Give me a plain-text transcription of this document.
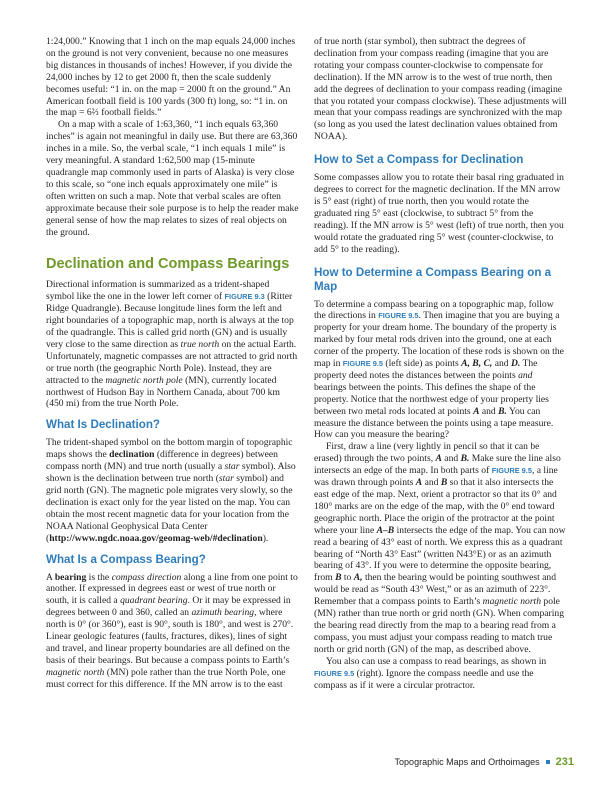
1:24,000.” Knowing that 1 inch on the map equals 24,000 inches on the ground is not very convenient, because no one measures big distances in thousands of inches! However, if you divide the 24,000 inches by 12 to get 2000 ft, then the scale suddenly becomes useful: “1 in. on the map = 2000 ft on the ground.” An American football field is 100 yards (300 ft) long, so: “1 in. on the map = 6⅔ football fields.”

On a map with a scale of 1:63,360, “1 inch equals 63,360 inches” is again not meaningful in daily use. But there are 63,360 inches in a mile. So, the verbal scale, “1 inch equals 1 mile” is very meaningful. A standard 1:62,500 map (15-minute quadrangle map commonly used in parts of Alaska) is very close to this scale, so “one inch equals approximately one mile” is often written on such a map. Note that verbal scales are often approximate because their sole purpose is to help the reader make general sense of how the map relates to sizes of real objects on the ground.

Declination and Compass Bearings

Directional information is summarized as a trident-shaped symbol like the one in the lower left corner of FIGURE 9.3 (Ritter Ridge Quadrangle). Because longitude lines form the left and right boundaries of a topographic map, north is always at the top of the quadrangle. This is called grid north (GN) and is usually very close to the same direction as true north on the actual Earth. Unfortunately, magnetic compasses are not attracted to grid north or true north (the geographic North Pole). Instead, they are attracted to the magnetic north pole (MN), currently located northwest of Hudson Bay in Northern Canada, about 700 km (450 mi) from the true North Pole.

What Is Declination?

The trident-shaped symbol on the bottom margin of topographic maps shows the declination (difference in degrees) between compass north (MN) and true north (usually a star symbol). Also shown is the declination between true north (star symbol) and grid north (GN). The magnetic pole migrates very slowly, so the declination is exact only for the year listed on the map. You can obtain the most recent magnetic data for your location from the NOAA National Geophysical Data Center (http://www.ngdc.noaa.gov/geomag-web/#declination).

What Is a Compass Bearing?

A bearing is the compass direction along a line from one point to another. If expressed in degrees east or west of true north or south, it is called a quadrant bearing. Or it may be expressed in degrees between 0 and 360, called an azimuth bearing, where north is 0° (or 360°), east is 90°, south is 180°, and west is 270°. Linear geologic features (faults, fractures, dikes), lines of sight and travel, and linear property boundaries are all defined on the basis of their bearings. But because a compass points to Earth’s magnetic north (MN) pole rather than the true North Pole, one must correct for this difference. If the MN arrow is to the east

of true north (star symbol), then subtract the degrees of declination from your compass reading (imagine that you are rotating your compass counter-clockwise to compensate for declination). If the MN arrow is to the west of true north, then add the degrees of declination to your compass reading (imagine that you rotated your compass clockwise). These adjustments will mean that your compass readings are synchronized with the map (so long as you used the latest declination values obtained from NOAA).

How to Set a Compass for Declination

Some compasses allow you to rotate their basal ring graduated in degrees to correct for the magnetic declination. If the MN arrow is 5° east (right) of true north, then you would rotate the graduated ring 5° east (clockwise, to subtract 5° from the reading). If the MN arrow is 5° west (left) of true north, then you would rotate the graduated ring 5° west (counter-clockwise, to add 5° to the reading).

How to Determine a Compass Bearing on a Map

To determine a compass bearing on a topographic map, follow the directions in FIGURE 9.5. Then imagine that you are buying a property for your dream home. The boundary of the property is marked by four metal rods driven into the ground, one at each corner of the property. The location of these rods is shown on the map in FIGURE 9.5 (left side) as points A, B, C, and D. The property deed notes the distances between the points and bearings between the points. This defines the shape of the property. Notice that the northwest edge of your property lies between two metal rods located at points A and B. You can measure the distance between the points using a tape measure. How can you measure the bearing?

First, draw a line (very lightly in pencil so that it can be erased) through the two points, A and B. Make sure the line also intersects an edge of the map. In both parts of FIGURE 9.5, a line was drawn through points A and B so that it also intersects the east edge of the map. Next, orient a protractor so that its 0° and 180° marks are on the edge of the map, with the 0° end toward geographic north. Place the origin of the protractor at the point where your line A–B intersects the edge of the map. You can now read a bearing of 43° east of north. We express this as a quadrant bearing of “North 43° East” (written N43°E) or as an azimuth bearing of 43°. If you were to determine the opposite bearing, from B to A, then the bearing would be pointing southwest and would be read as “South 43° West,” or as an azimuth of 223°. Remember that a compass points to Earth’s magnetic north pole (MN) rather than true north or grid north (GN). When comparing the bearing read directly from the map to a bearing read from a compass, you must adjust your compass reading to match true north or grid north (GN) of the map, as described above.

You also can use a compass to read bearings, as shown in FIGURE 9.5 (right). Ignore the compass needle and use the compass as if it were a circular protractor.

Topographic Maps and Orthoimages 231
